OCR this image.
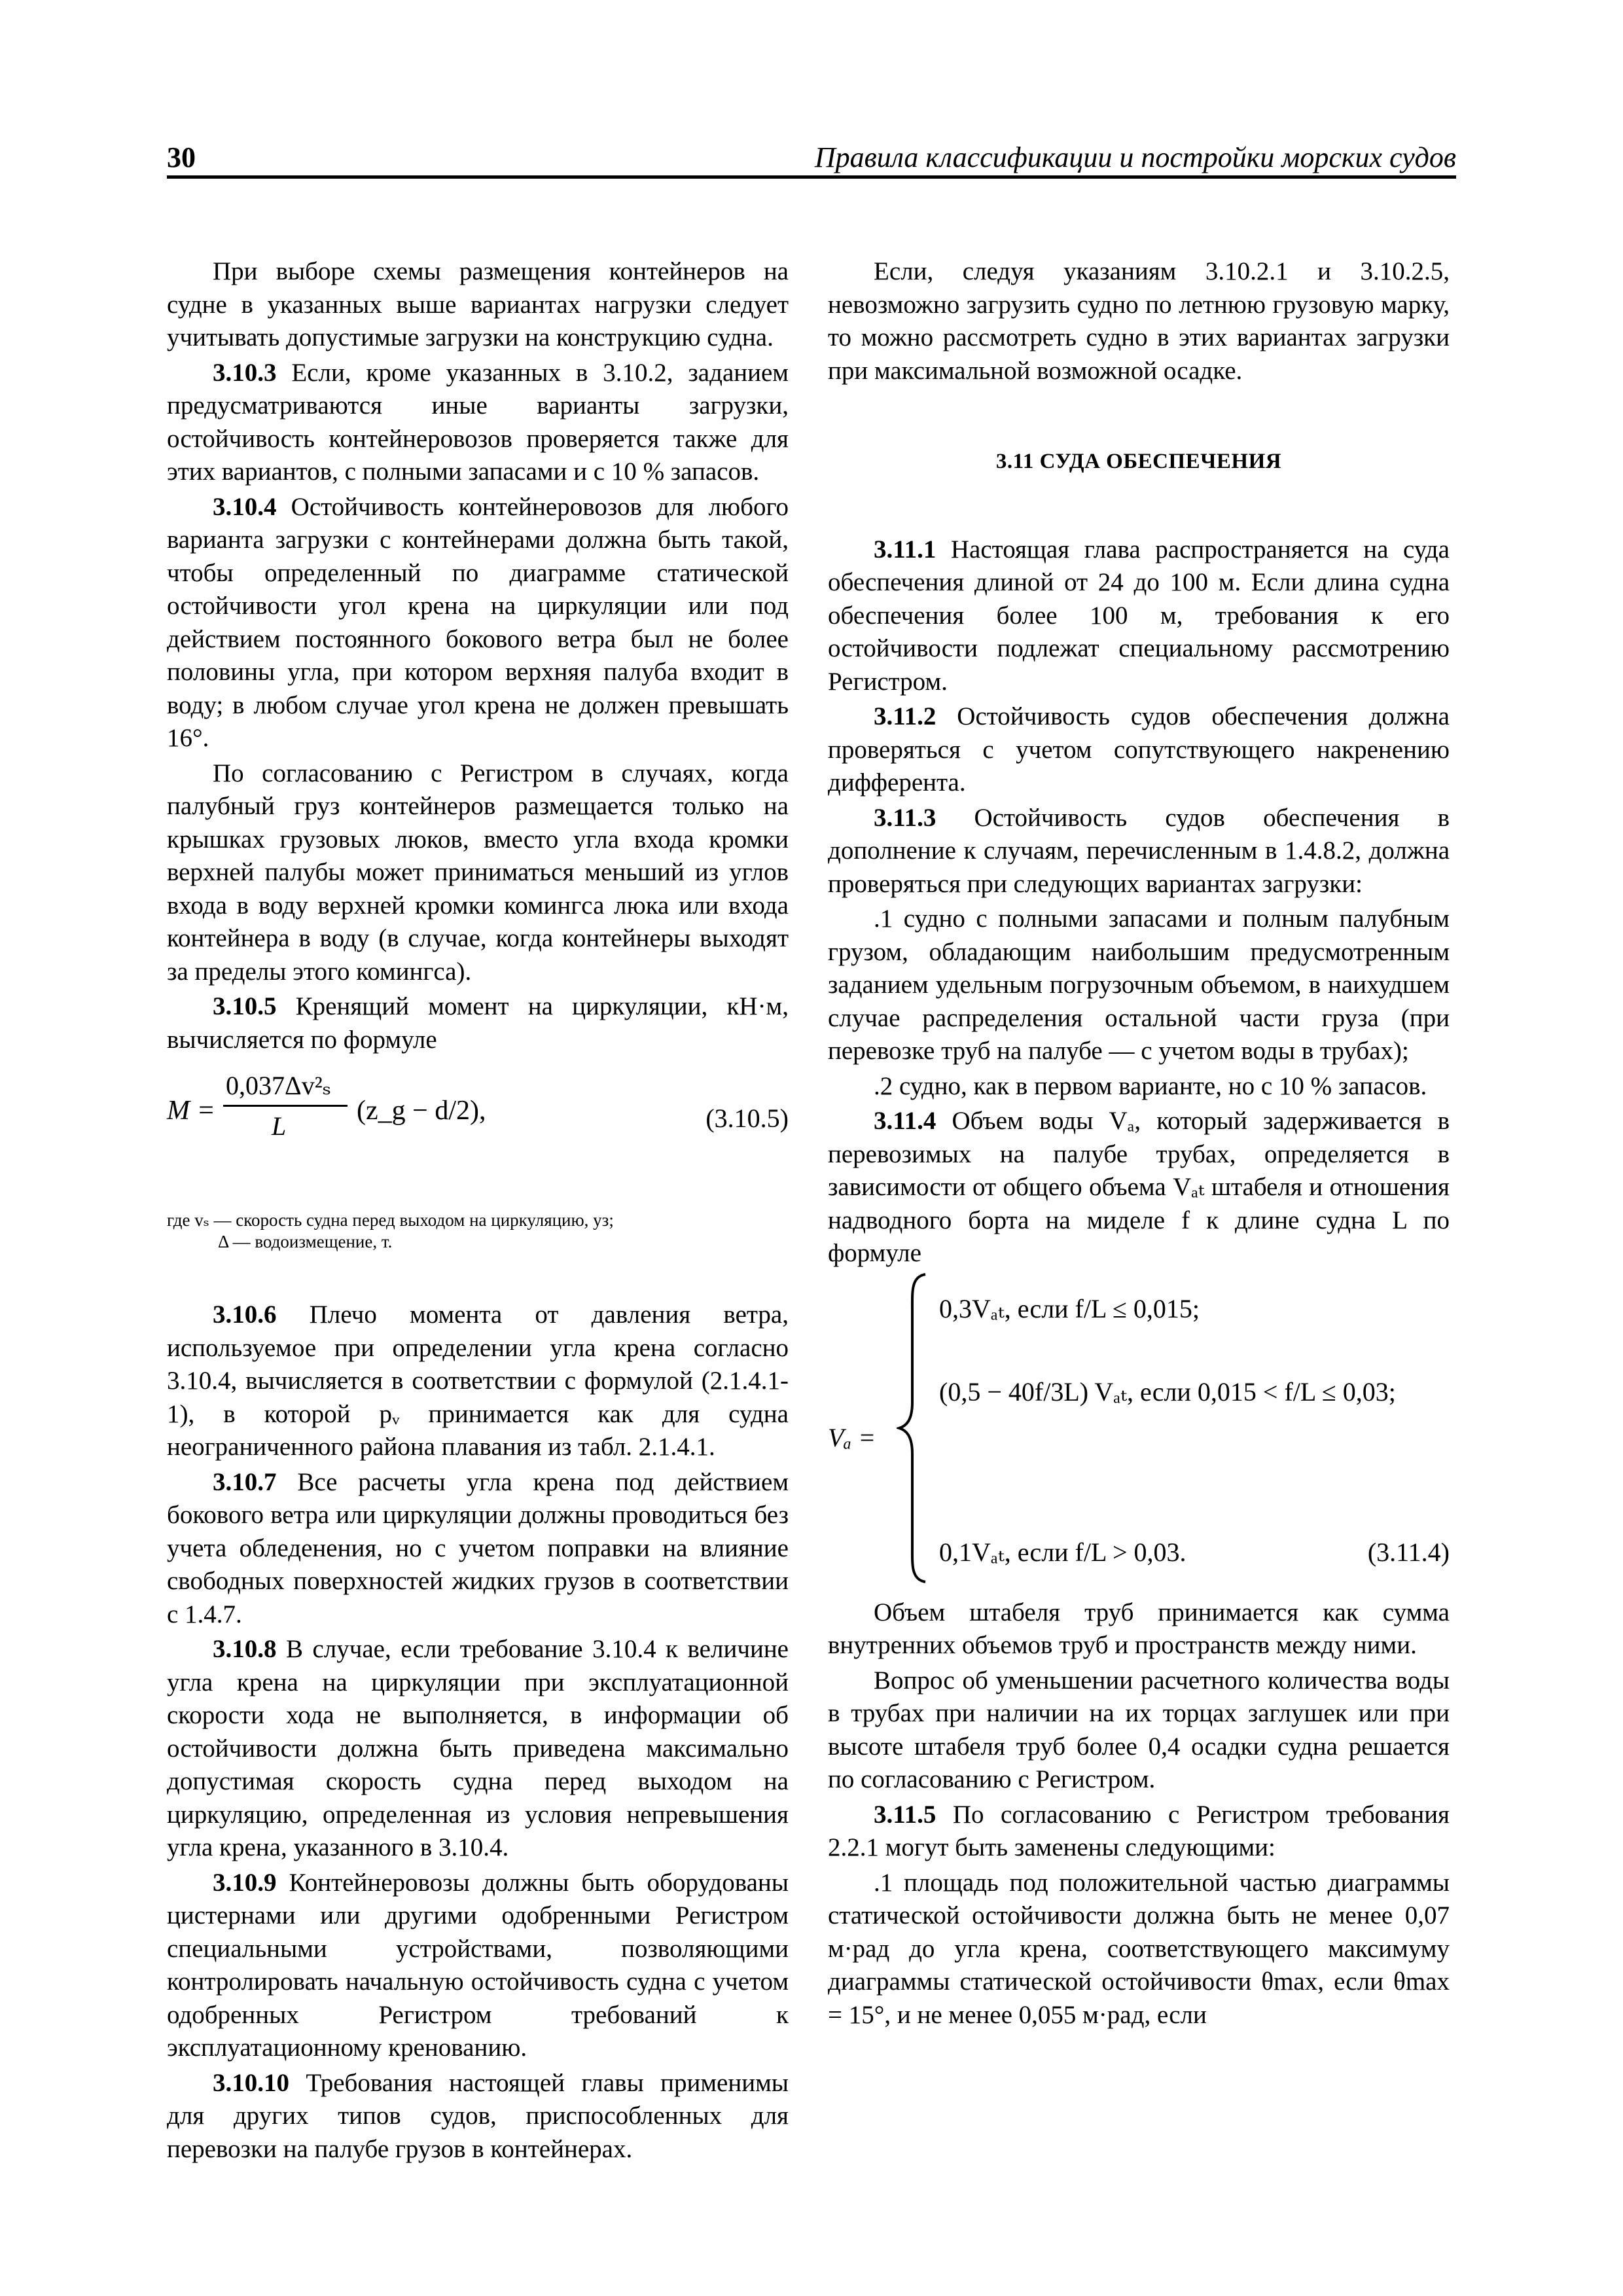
30	Правила классификации и постройки морских судов

При выборе схемы размещения контейнеров на судне в указанных выше вариантах нагрузки следует учитывать допустимые загрузки на конструкцию судна.

3.10.3 Если, кроме указанных в 3.10.2, заданием предусматриваются иные варианты загрузки, остойчивость контейнеровозов проверяется также для этих вариантов, с полными запасами и с 10 % запасов.

3.10.4 Остойчивость контейнеровозов для любого варианта загрузки с контейнерами должна быть такой, чтобы определенный по диаграмме статической остойчивости угол крена на циркуляции или под действием постоянного бокового ветра был не более половины угла, при котором верхняя палуба входит в воду; в любом случае угол крена не должен превышать 16°.

По согласованию с Регистром в случаях, когда палубный груз контейнеров размещается только на крышках грузовых люков, вместо угла входа кромки верхней палубы может приниматься меньший из углов входа в воду верхней кромки комингса люка или входа контейнера в воду (в случае, когда контейнеры выходят за пределы этого комингса).

3.10.5 Кренящий момент на циркуляции, кН·м, вычисляется по формуле

M =
0,037Δv²ₛ
L
(z_g − d/2),	(3.10.5)
где vₛ — скорость судна перед выходом на циркуляцию, уз;
Δ — водоизмещение, т.

3.10.6 Плечо момента от давления ветра, используемое при определении угла крена согласно 3.10.4, вычисляется в соответствии с формулой (2.1.4.1-1), в которой pᵥ принимается как для судна неограниченного района плавания из табл. 2.1.4.1.

3.10.7 Все расчеты угла крена под действием бокового ветра или циркуляции должны проводиться без учета обледенения, но с учетом поправки на влияние свободных поверхностей жидких грузов в соответствии с 1.4.7.

3.10.8 В случае, если требование 3.10.4 к величине угла крена на циркуляции при эксплуатационной скорости хода не выполняется, в информации об остойчивости должна быть приведена максимально допустимая скорость судна перед выходом на циркуляцию, определенная из условия непревышения угла крена, указанного в 3.10.4.

3.10.9 Контейнеровозы должны быть оборудованы цистернами или другими одобренными Регистром специальными устройствами, позволяющими контролировать начальную остойчивость судна с учетом одобренных Регистром требований к эксплуатационному кренованию.

3.10.10 Требования настоящей главы применимы для других типов судов, приспособленных для перевозки на палубе грузов в контейнерах.

Если, следуя указаниям 3.10.2.1 и 3.10.2.5, невозможно загрузить судно по летнюю грузовую марку, то можно рассмотреть судно в этих вариантах загрузки при максимальной возможной осадке.

3.11 СУДА ОБЕСПЕЧЕНИЯ

3.11.1 Настоящая глава распространяется на суда обеспечения длиной от 24 до 100 м. Если длина судна обеспечения более 100 м, требования к его остойчивости подлежат специальному рассмотрению Регистром.

3.11.2 Остойчивость судов обеспечения должна проверяться с учетом сопутствующего накренению дифферента.

3.11.3 Остойчивость судов обеспечения в дополнение к случаям, перечисленным в 1.4.8.2, должна проверяться при следующих вариантах загрузки:

.1 судно с полными запасами и полным палубным грузом, обладающим наибольшим предусмотренным заданием удельным погрузочным объемом, в наихудшем случае распределения остальной части груза (при перевозке труб на палубе — с учетом воды в трубах);

.2 судно, как в первом варианте, но с 10 % запасов.

3.11.4 Объем воды Vₐ, который задерживается в перевозимых на палубе трубах, определяется в зависимости от общего объема Vₐₜ штабеля и отношения надводного борта на миделе f к длине судна L по формуле

Vₐ =
0,3Vₐₜ, если f/L ≤ 0,015;
(0,5 − 40f/3L) Vₐₜ, если 0,015 < f/L ≤ 0,03;
0,1Vₐₜ, если f/L > 0,03.	(3.11.4)

Объем штабеля труб принимается как сумма внутренних объемов труб и пространств между ними.

Вопрос об уменьшении расчетного количества воды в трубах при наличии на их торцах заглушек или при высоте штабеля труб более 0,4 осадки судна решается по согласованию с Регистром.

3.11.5 По согласованию с Регистром требования 2.2.1 могут быть заменены следующими:

.1 площадь под положительной частью диаграммы статической остойчивости должна быть не менее 0,07 м·рад до угла крена, соответствующего максимуму диаграммы статической остойчивости θmax, если θmax = 15°, и не менее 0,055 м·рад, если
